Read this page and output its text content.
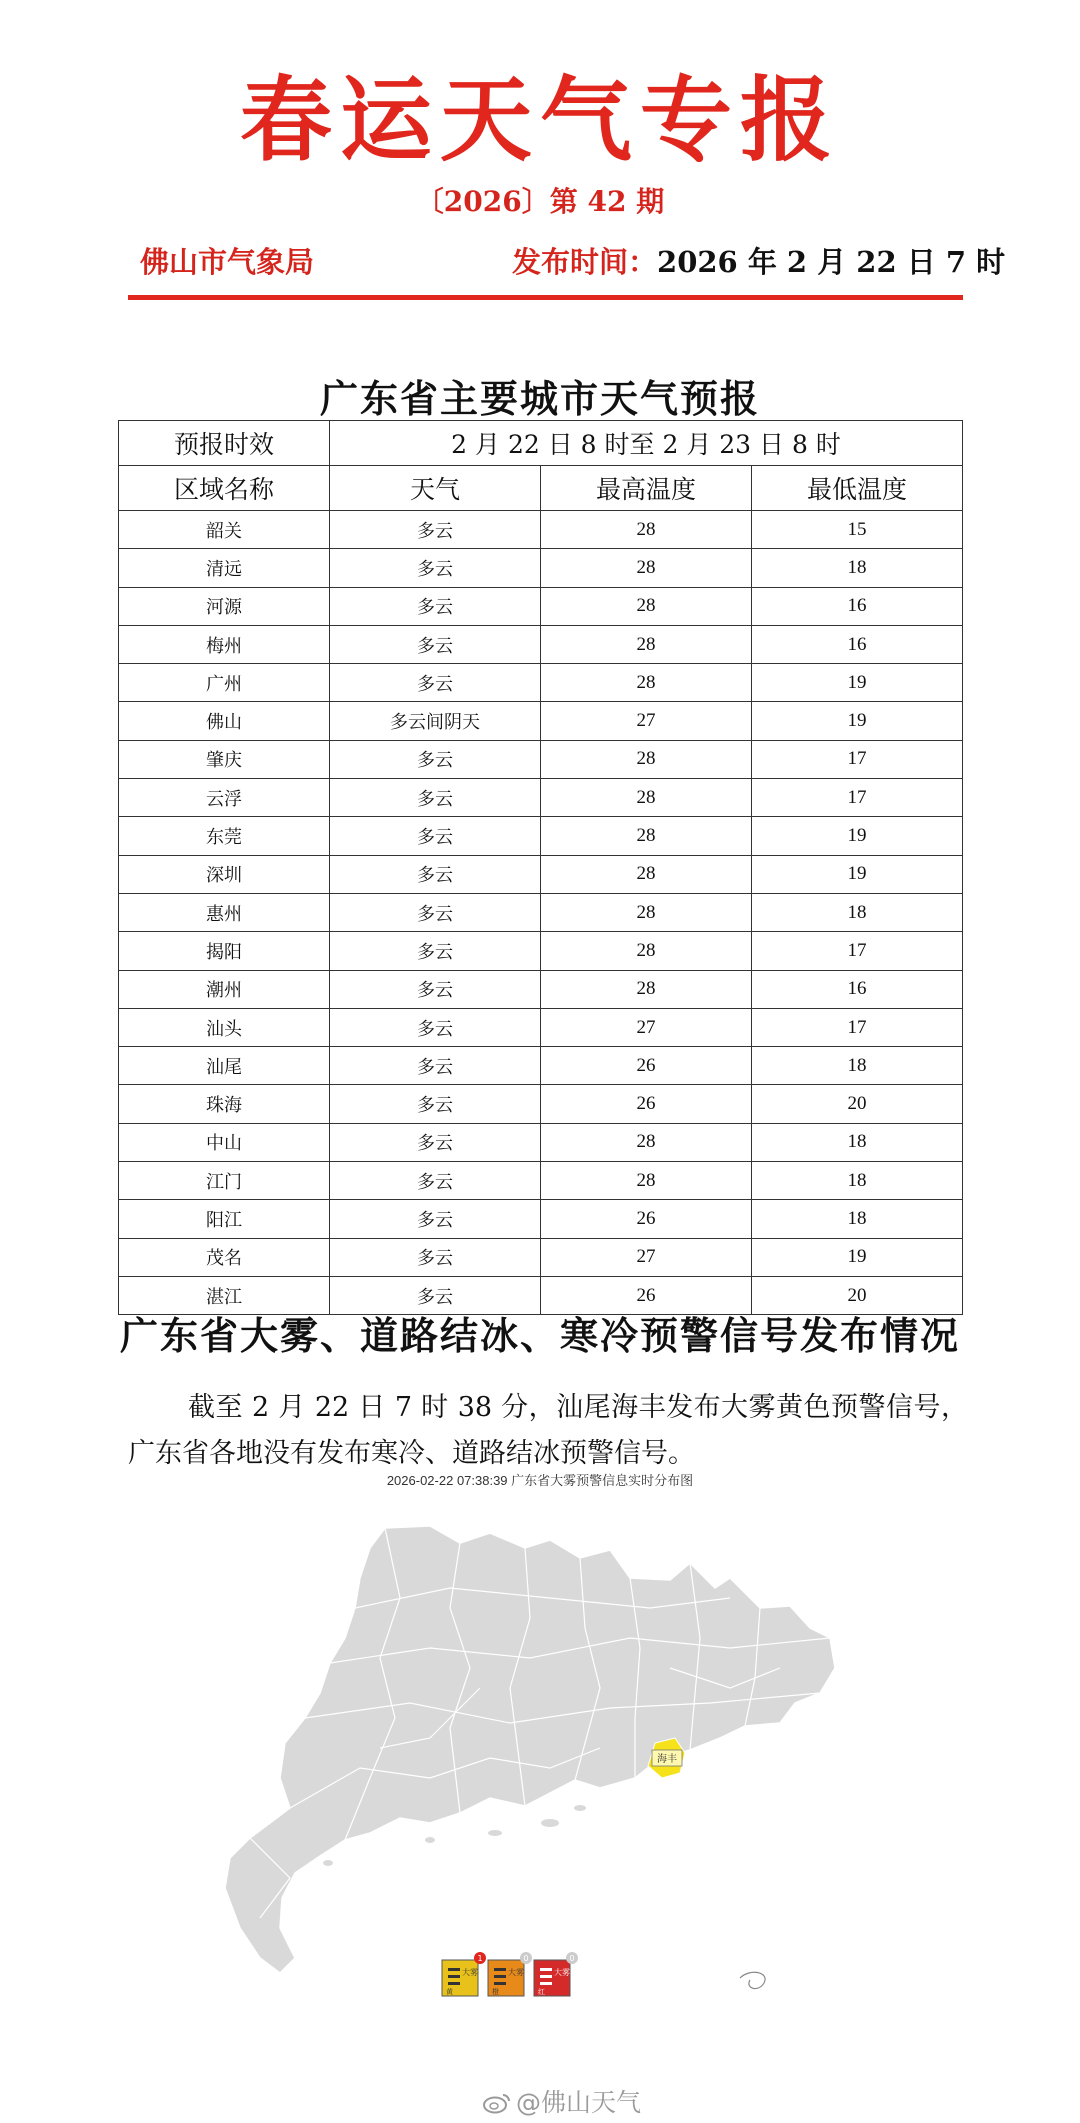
春运天气专报
〔2026〕第 42 期
佛山市气象局	发布时间：2026 年 2 月 22 日 7 时
广东省主要城市天气预报
预报时效	2 月 22 日 8 时至 2 月 23 日 8 时		
区域名称	天气	最高温度	最低温度
韶关	多云	28	15
清远	多云	28	18
河源	多云	28	16
梅州	多云	28	16
广州	多云	28	19
佛山	多云间阴天	27	19
肇庆	多云	28	17
云浮	多云	28	17
东莞	多云	28	19
深圳	多云	28	19
惠州	多云	28	18
揭阳	多云	28	17
潮州	多云	28	16
汕头	多云	27	17
汕尾	多云	26	18
珠海	多云	26	20
中山	多云	28	18
江门	多云	28	18
阳江	多云	26	18
茂名	多云	27	19
湛江	多云	26	20
广东省大雾、道路结冰、寒冷预警信号发布情况
截至 2 月 22 日 7 时 38 分，汕尾海丰发布大雾黄色预警信号，广东省各地没有发布寒冷、道路结冰预警信号。
2026-02-22 07:38:39 广东省大雾预警信息实时分布图
海丰
大雾
黄
1
大雾
橙
0
大雾
红
0
@佛山天气
